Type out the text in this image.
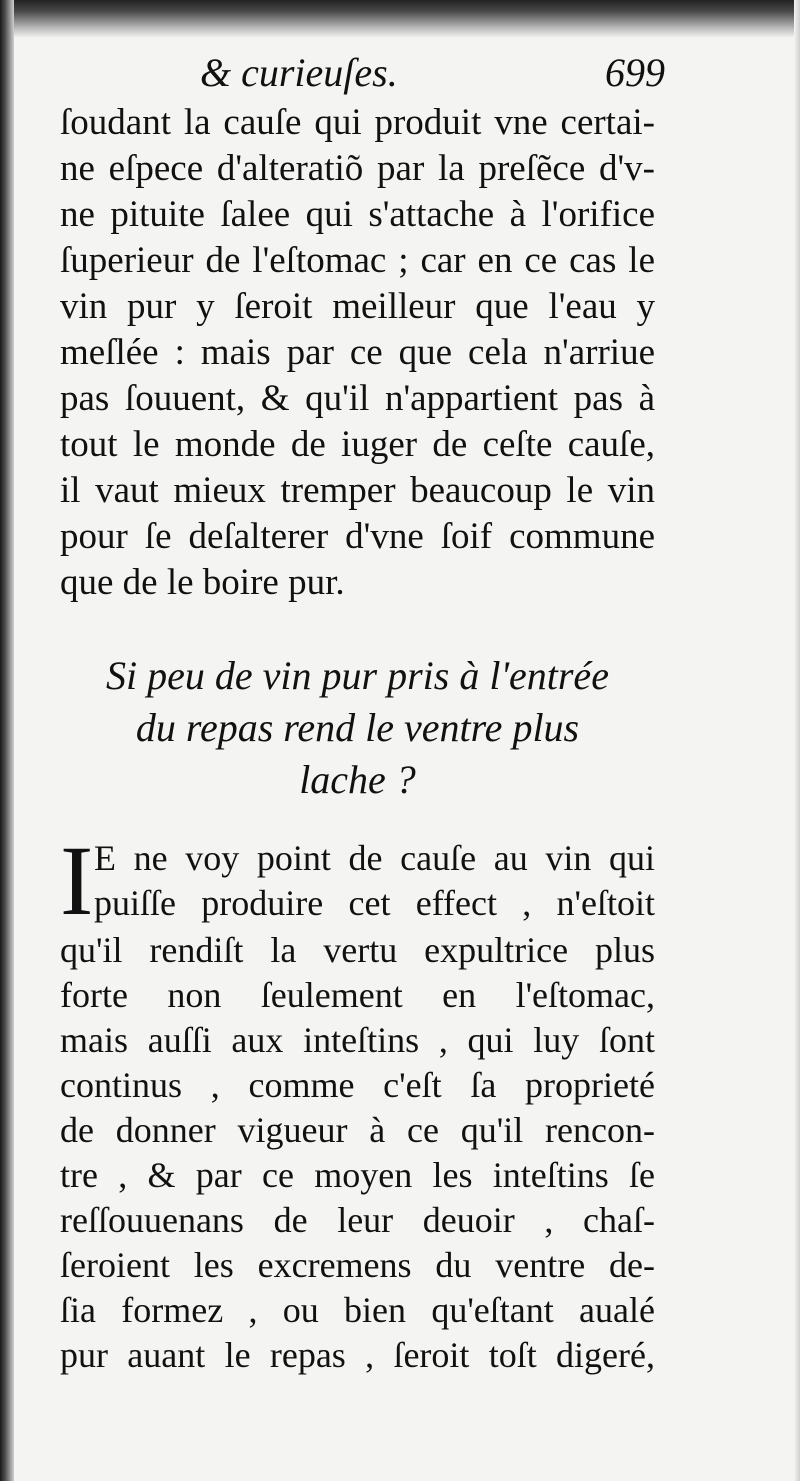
& curieuſes.	699
ſoudant la cauſe qui produit vne certai-
ne eſpece d'alteratiõ par la preſẽce d'v-
ne pituite ſalee qui s'attache à l'orifice
ſuperieur de l'eſtomac ; car en ce cas le
vin pur y ſeroit meilleur que l'eau y
meſlée : mais par ce que cela n'arriue
pas ſouuent, & qu'il n'appartient pas à
tout le monde de iuger de ceſte cauſe,
il vaut mieux tremper beaucoup le vin
pour ſe deſalterer d'vne ſoif commune
que de le boire pur.
Si peu de vin pur pris à l'entrée
du repas rend le ventre plus
lache ?
I E ne voy point de cauſe au vin qui
puiſſe produire cet effect , n'eſtoit
qu'il rendiſt la vertu expultrice plus
forte non ſeulement en l'eſtomac,
mais auſſi aux inteſtins , qui luy ſont
continus , comme c'eſt ſa proprieté
de donner vigueur à ce qu'il rencon-
tre , & par ce moyen les inteſtins ſe
reſſouuenans de leur deuoir , chaſ-
ſeroient les excremens du ventre de-
ſia formez , ou bien qu'eſtant aualé
pur auant le repas , ſeroit toſt digeré,
